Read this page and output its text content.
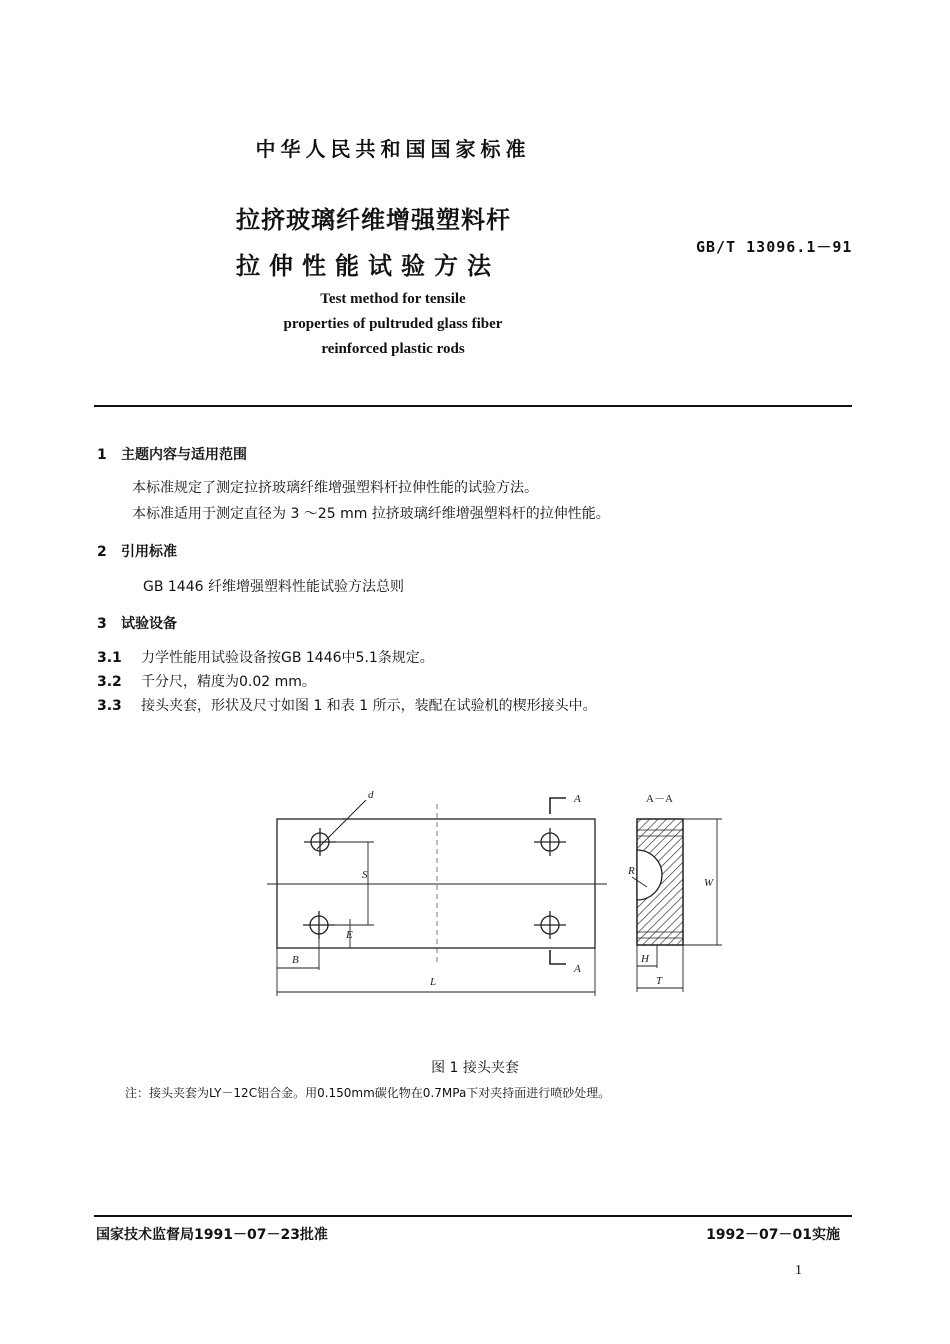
中华人民共和国国家标准
拉挤玻璃纤维增强塑料杆
拉伸性能试验方法
GB/T 13096.1－91
Test method for tensile
properties of pultruded glass fiber
reinforced plastic rods
1 主题内容与适用范围
本标准规定了测定拉挤玻璃纤维增强塑料杆拉伸性能的试验方法。
本标准适用于测定直径为 3 ～25 mm 拉挤玻璃纤维增强塑料杆的拉伸性能。
2 引用标准
GB 1446 纤维增强塑料性能试验方法总则
3 试验设备
3.1 力学性能用试验设备按GB 1446中5.1条规定。
3.2 千分尺，精度为0.02 mm。
3.3 接头夹套，形状及尺寸如图 1 和表 1 所示，装配在试验机的楔形接头中。
d	A
A
A－A
S
E
B
L
R
W
H
T
图 1 接头夹套
注：接头夹套为LY－12C铝合金。用0.150mm碳化物在0.7MPa下对夹持面进行喷砂处理。
国家技术监督局1991－07－23批准	1992－07－01实施
1
